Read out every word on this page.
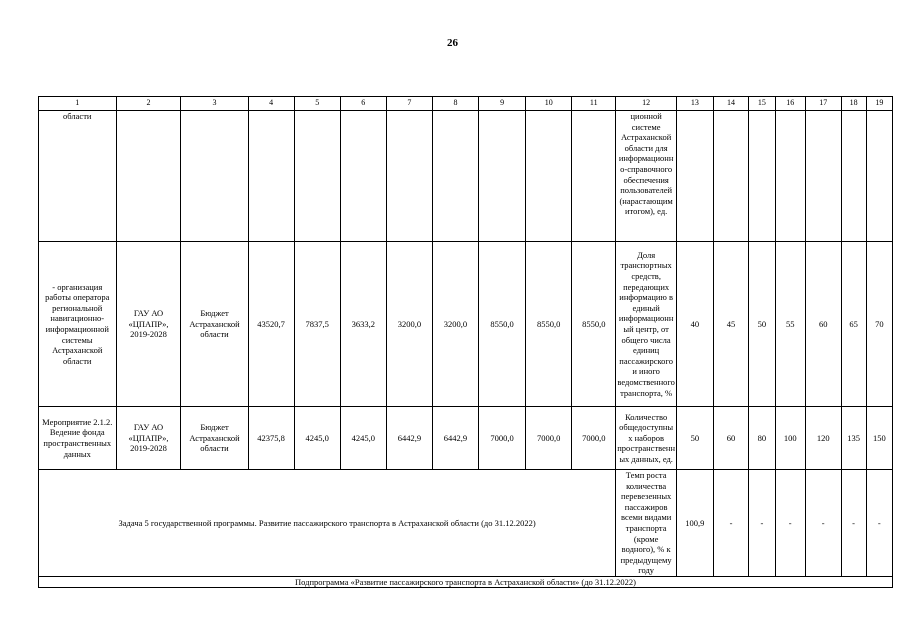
26
1	2	3	4	5	6	7	8	9	10	11	12	13	14	15	16	17	18	19
области											ционной системе Астраханской области для информационно-справочного обеспечения пользователей (нарастающим итогом), ед.							
- организация работы оператора региональной навигационно-информационной системы Астраханской области	ГАУ АО «ЦПАПР», 2019-2028	Бюджет Астраханской области	43520,7	7837,5	3633,2	3200,0	3200,0	8550,0	8550,0	8550,0	Доля транспортных средств, передающих информацию в единый информационный центр, от общего числа единиц пассажирского и иного ведомственного транспорта, %	40	45	50	55	60	65	70
Мероприятие 2.1.2. Ведение фонда пространственных данных	ГАУ АО «ЦПАПР», 2019-2028	Бюджет Астраханской области	42375,8	4245,0	4245,0	6442,9	6442,9	7000,0	7000,0	7000,0	Количество общедоступных наборов пространственных данных, ед.	50	60	80	100	120	135	150
Задача 5 государственной программы. Развитие пассажирского транспорта в Астраханской области (до 31.12.2022)											Темп роста количества перевезенных пассажиров всеми видами транспорта (кроме водного), % к предыдущему году	100,9	-	-	-	-	-	-
Подпрограмма «Развитие пассажирского транспорта в Астраханской области» (до 31.12.2022)																		
